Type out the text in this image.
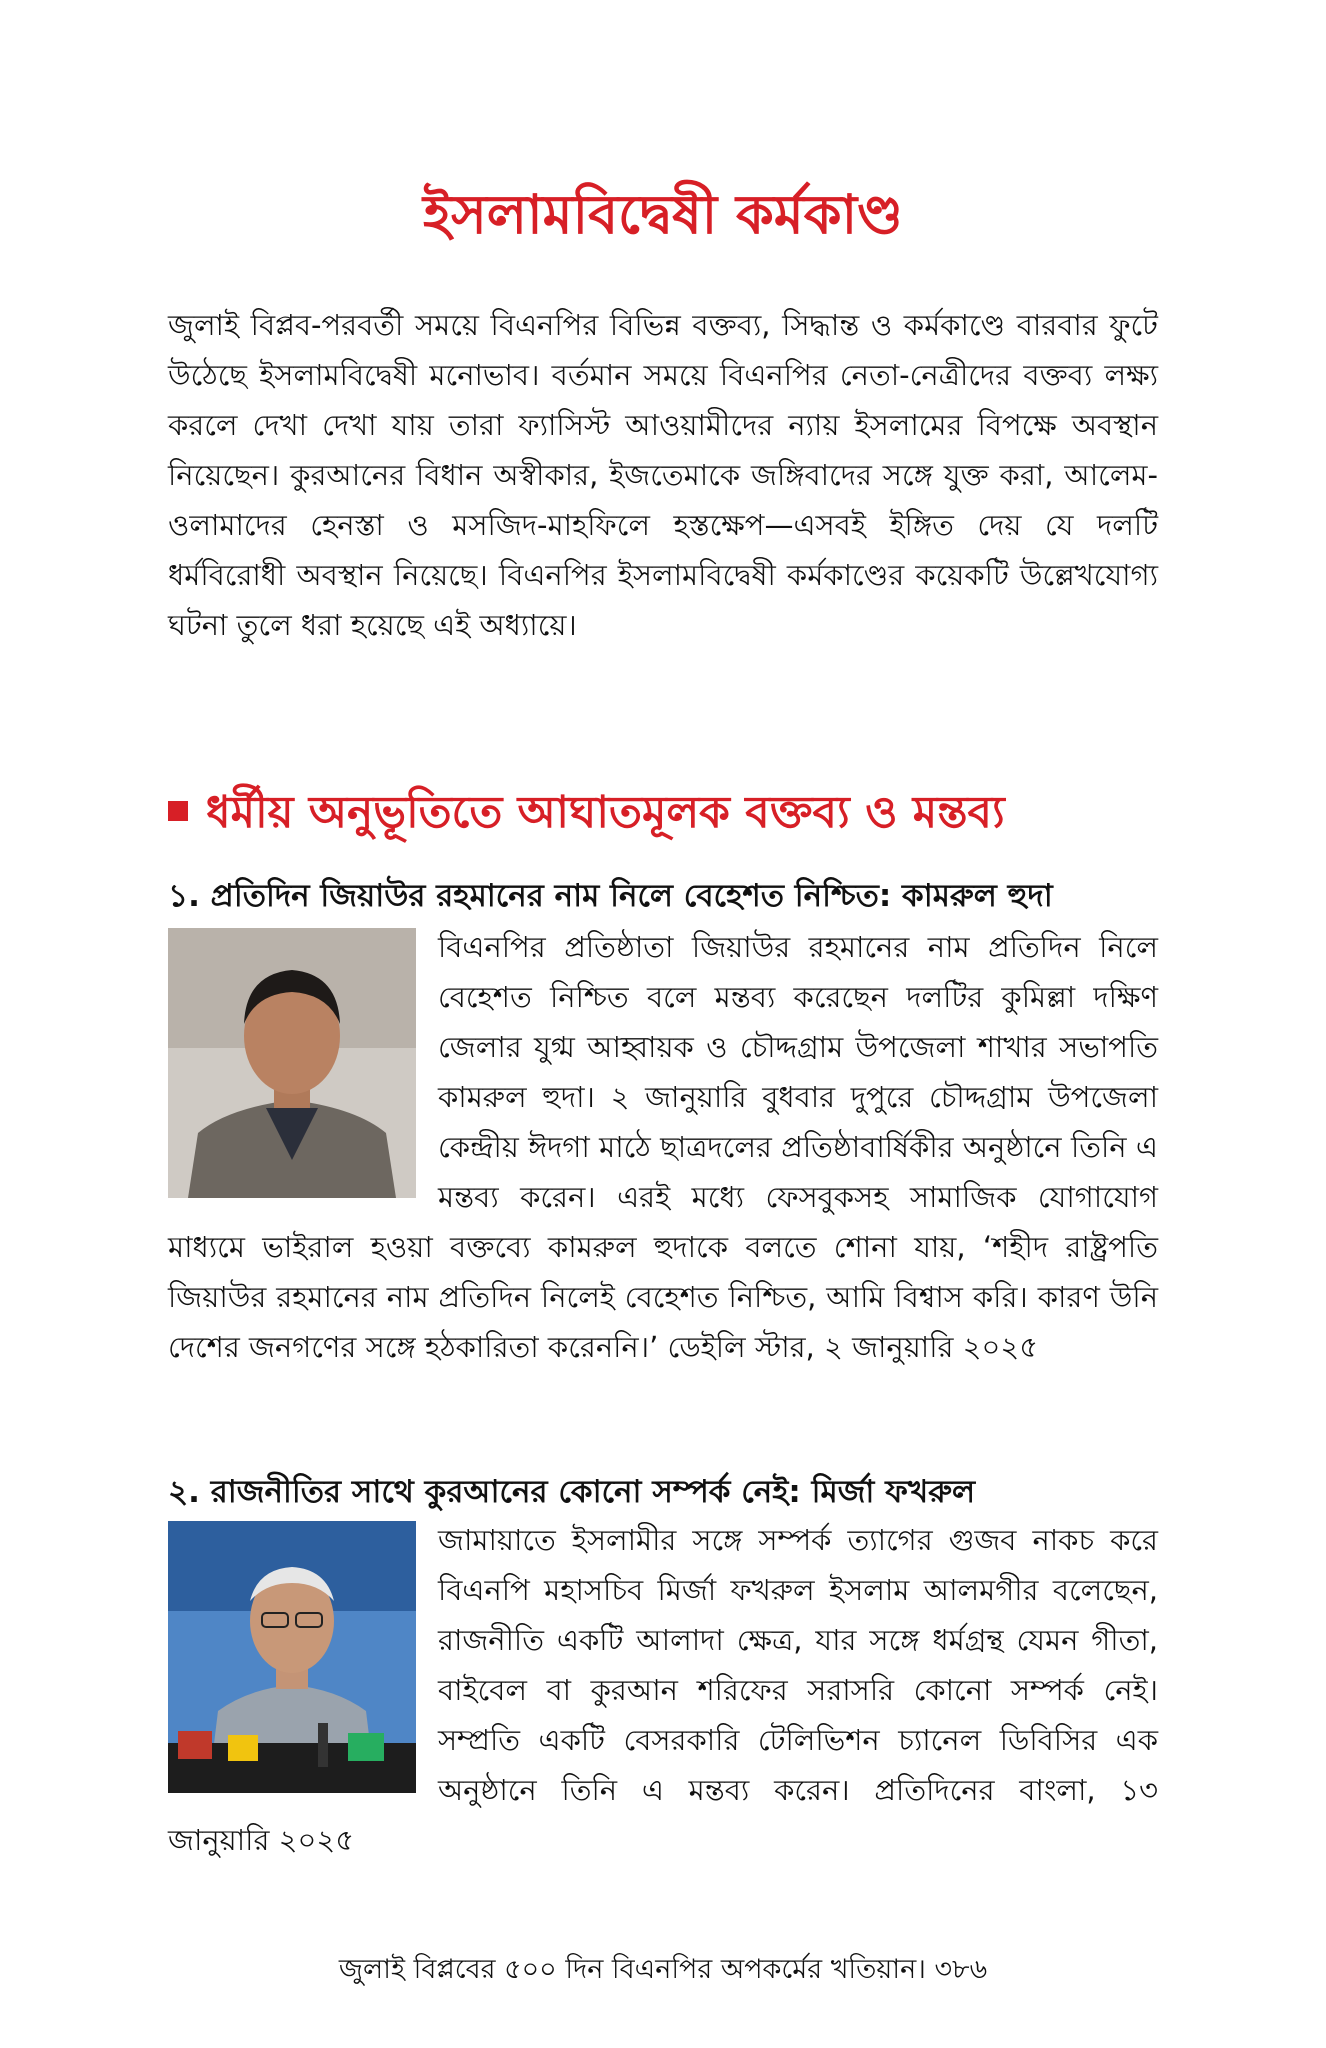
ইসলামবিদ্বেষী কর্মকাণ্ড

জুলাই বিপ্লব-পরবর্তী সময়ে বিএনপির বিভিন্ন বক্তব্য, সিদ্ধান্ত ও কর্মকাণ্ডে বারবার ফুটে উঠেছে ইসলামবিদ্বেষী মনোভাব। বর্তমান সময়ে বিএনপির নেতা-নেত্রীদের বক্তব্য লক্ষ্য করলে দেখা দেখা যায় তারা ফ্যাসিস্ট আওয়ামীদের ন্যায় ইসলামের বিপক্ষে অবস্থান নিয়েছেন। কুরআনের বিধান অস্বীকার, ইজতেমাকে জঙ্গিবাদের সঙ্গে যুক্ত করা, আলেম-ওলামাদের হেনস্তা ও মসজিদ-মাহফিলে হস্তক্ষেপ—এসবই ইঙ্গিত দেয় যে দলটি ধর্মবিরোধী অবস্থান নিয়েছে। বিএনপির ইসলামবিদ্বেষী কর্মকাণ্ডের কয়েকটি উল্লেখযোগ্য ঘটনা তুলে ধরা হয়েছে এই অধ্যায়ে।

ধর্মীয় অনুভূতিতে আঘাতমূলক বক্তব্য ও মন্তব্য
১. প্রতিদিন জিয়াউর রহমানের নাম নিলে বেহেশত নিশ্চিত: কামরুল হুদা
বিএনপির প্রতিষ্ঠাতা জিয়াউর রহমানের নাম প্রতিদিন নিলে বেহেশত নিশ্চিত বলে মন্তব্য করেছেন দলটির কুমিল্লা দক্ষিণ জেলার যুগ্ম আহ্বায়ক ও চৌদ্দগ্রাম উপজেলা শাখার সভাপতি কামরুল হুদা। ২ জানুয়ারি বুধবার দুপুরে চৌদ্দগ্রাম উপজেলা কেন্দ্রীয় ঈদগা মাঠে ছাত্রদলের প্রতিষ্ঠাবার্ষিকীর অনুষ্ঠানে তিনি এ মন্তব্য করেন। এরই মধ্যে ফেসবুকসহ সামাজিক যোগাযোগ মাধ্যমে ভাইরাল হওয়া বক্তব্যে কামরুল হুদাকে বলতে শোনা যায়, ‘শহীদ রাষ্ট্রপতি জিয়াউর রহমানের নাম প্রতিদিন নিলেই বেহেশত নিশ্চিত, আমি বিশ্বাস করি। কারণ উনি দেশের জনগণের সঙ্গে হঠকারিতা করেননি।’ ডেইলি স্টার, ২ জানুয়ারি ২০২৫
২. রাজনীতির সাথে কুরআনের কোনো সম্পর্ক নেই: মির্জা ফখরুল
জামায়াতে ইসলামীর সঙ্গে সম্পর্ক ত্যাগের গুজব নাকচ করে বিএনপি মহাসচিব মির্জা ফখরুল ইসলাম আলমগীর বলেছেন, রাজনীতি একটি আলাদা ক্ষেত্র, যার সঙ্গে ধর্মগ্রন্থ যেমন গীতা, বাইবেল বা কুরআন শরিফের সরাসরি কোনো সম্পর্ক নেই। সম্প্রতি একটি বেসরকারি টেলিভিশন চ্যানেল ডিবিসির এক অনুষ্ঠানে তিনি এ মন্তব্য করেন। প্রতিদিনের বাংলা, ১৩ জানুয়ারি ২০২৫

জুলাই বিপ্লবের ৫০০ দিন বিএনপির অপকর্মের খতিয়ান। ৩৮৬
